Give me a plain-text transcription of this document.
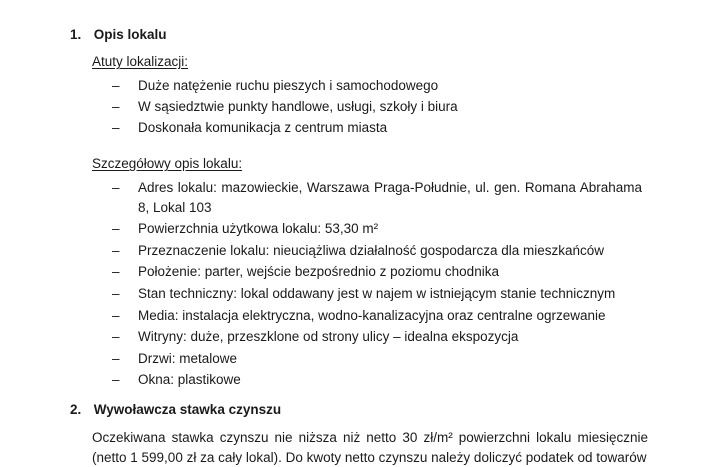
1. Opis lokalu
Atuty lokalizacji:
– Duże natężenie ruchu pieszych i samochodowego
– W sąsiedztwie punkty handlowe, usługi, szkoły i biura
– Doskonała komunikacja z centrum miasta
Szczegółowy opis lokalu:
– Adres lokalu: mazowieckie, Warszawa Praga-Południe, ul. gen. Romana Abrahama 8, Lokal 103
– Powierzchnia użytkowa lokalu: 53,30 m²
– Przeznaczenie lokalu: nieuciążliwa działalność gospodarcza dla mieszkańców
– Położenie: parter, wejście bezpośrednio z poziomu chodnika
– Stan techniczny: lokal oddawany jest w najem w istniejącym stanie technicznym
– Media: instalacja elektryczna, wodno-kanalizacyjna oraz centralne ogrzewanie
– Witryny: duże, przeszklone od strony ulicy – idealna ekspozycja
– Drzwi: metalowe
– Okna: plastikowe
2. Wywoławcza stawka czynszu

Oczekiwana stawka czynszu nie niższa niż netto 30 zł/m² powierzchni lokalu miesięcznie (netto 1 599,00 zł za cały lokal). Do kwoty netto czynszu należy doliczyć podatek od towarów
